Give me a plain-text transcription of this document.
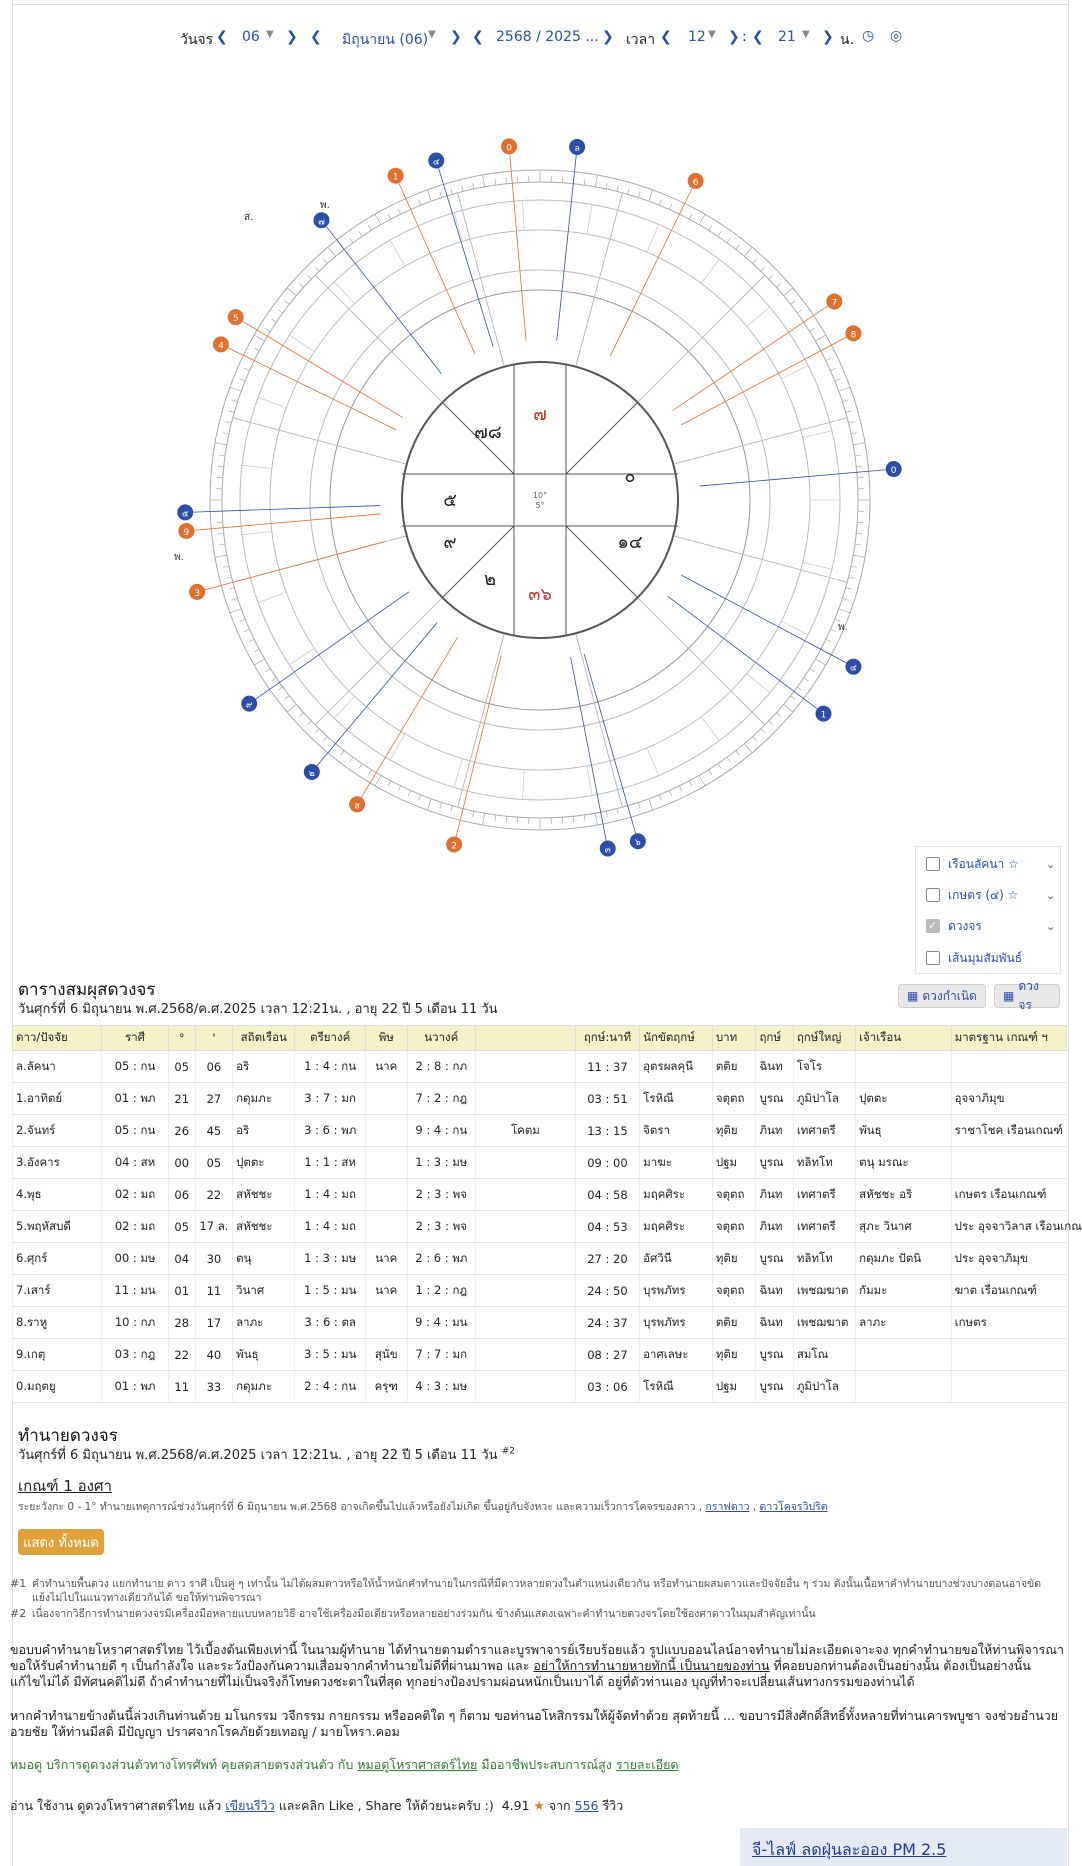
วันจร ❮ 06 ▼ ❯ ❮ มิถุนายน (06) ▼ ❯ ❮ 2568 / 2025 ... ❯ เวลา ❮ 12 ▼ ❯ : ❮ 21 ▼ ❯ น. ◷ ◎
๗
๐
๑๔
๓๖
๒
๙
๕
๗๘
10°
5°
0
1
๔
ล
6
7
8
0
๔
1
๖
๓
2
ส
๒
๙
3
9
๕
4
5
๗
ส.
พ.
พ.
พ.
เรือนลัคนา ☆ ⌄
เกษตร (๔) ☆	⌄
✓
ดวงจร	⌄
เส้นมุมสัมพันธ์
ตารางสมผุสดวงจร
วันศุกร์ที่ 6 มิถุนายน พ.ศ.2568/ค.ศ.2025 เวลา 12:21น. , อายุ 22 ปี 5 เดือน 11 วัน
▦ ดวงกำเนิด ▦
ดวงจร
ดาว/ปัจจัย	ราศี	°	'	สถิตเรือน	ตรียางค์	พิษ	นวางค์		ฤกษ์:นาที	นักขัตฤกษ์	บาท	ฤกษ์	ฤกษ์ใหญ่	เจ้าเรือน	มาตรฐาน เกณฑ์ ฯ
ล.ลัคนา	05 : กน	05	06	อริ	1 : 4 : กน	นาค	2 : 8 : กภ		11 : 37	อุตรผลคุนี	ตติย	ฉินท	โจโร		
1.อาทิตย์	01 : พภ	21	27	กดุมภะ	3 : 7 : มก		7 : 2 : กฎ		03 : 51	โรหิณี	จตุตถ	บูรณ	ภูมิปาโล	ปุตตะ	อุจจาภิมุข
2.จันทร์	05 : กน	26	45	อริ	3 : 6 : พภ		9 : 4 : กน	โคตม	13 : 15	จิตรา	ทุติย	ภินท	เทศาตรี	พันธุ	ราชาโชค เรือนเกณฑ์
3.อังคาร	04 : สห	00	05	ปุตตะ	1 : 1 : สห		1 : 3 : มษ		09 : 00	มาฆะ	ปฐม	บูรณ	ทลิทโท	ตนุ มรณะ	
4.พุธ	02 : มถ	06	22	สหัชชะ	1 : 4 : มถ		2 : 3 : พจ		04 : 58	มฤคศิระ	จตุตถ	ภินท	เทศาตรี	สหัชชะ อริ	เกษตร เรือนเกณฑ์
5.พฤหัสบดี	02 : มถ	05	17 ล.	สหัชชะ	1 : 4 : มถ		2 : 3 : พจ		04 : 53	มฤคศิระ	จตุตถ	ภินท	เทศาตรี	สุภะ วินาศ	ประ อุจจาวิลาส เรือนเกณ
6.ศุกร์	00 : มษ	04	30	ตนุ	1 : 3 : มษ	นาค	2 : 6 : พภ		27 : 20	อัศวินี	ทุติย	บูรณ	ทลิทโท	กดุมภะ ปัตนิ	ประ อุจจาภิมุข
7.เสาร์	11 : มน	01	11	วินาศ	1 : 5 : มน	นาค	1 : 2 : กฎ		24 : 50	บุรพภัทร	จตุตถ	ฉินท	เพชฌฆาต	กัมมะ	ฆาต เรือนเกณฑ์
8.ราหู	10 : กภ	28	17	ลาภะ	3 : 6 : ตล		9 : 4 : มน		24 : 37	บุรพภัทร	ตติย	ฉินท	เพชฌฆาต	ลาภะ	เกษตร
9.เกตุ	03 : กฎ	22	40	พันธุ	3 : 5 : มน	สุนัข	7 : 7 : มก		08 : 27	อาศเลษะ	ทุติย	บูรณ	สมโณ		
0.มฤตยู	01 : พภ	11	33	กดุมภะ	2 : 4 : กน	ครุฑ	4 : 3 : มษ		03 : 06	โรหิณี	ปฐม	บูรณ	ภูมิปาโล		
ทำนายดวงจร
วันศุกร์ที่ 6 มิถุนายน พ.ศ.2568/ค.ศ.2025 เวลา 12:21น. , อายุ 22 ปี 5 เดือน 11 วัน $^{\#2}$
เกณฑ์ 1 องศา
ระยะวังกะ 0 - 1° ทำนายเหตุการณ์ช่วงวันศุกร์ที่ 6 มิถุนายน พ.ศ.2568 อาจเกิดขึ้นไปแล้วหรือยังไม่เกิด ขึ้นอยู่กับจังหวะ และความเร็วการโคจรของดาว , กราฟดาว , ดาวโคจรวิปริต
แสดง ทั้งหมด
#1 คำทำนายพื้นดวง แยกทำนาย ดาว ราศี เป็นคู่ ๆ เท่านั้น ไม่ได้ผสมดาวหรือให้น้ำหนักคำทำนายในกรณีที่มีดาวหลายดวงในตำแหน่งเดียวกัน หรือทำนายผสมดาวและปัจจัยอื่น ๆ ร่วม ดังนั้นเนื้อหาคำทำนายบางช่วงบางตอนอาจขัดแย้งไม่ไปในแนวทางเดียวกันได้ ขอให้ท่านพิจารณา
#2 เนื่องจากวิธีการทำนายดวงจรมีเครื่องมือหลายแบบหลายวิธี อาจใช้เครื่องมือเดียวหรือหลายอย่างร่วมกัน ข้างต้นแสดงเฉพาะคำทำนายดวงจรโดยใช้องศาดาวในมุมสำคัญเท่านั้น
ขอบบคำทำนายโหราศาสตร์ไทย ไว้เบื้องต้นเพียงเท่านี้ ในนามผู้ทำนาย ได้ทำนายตามตำราและบูรพาจารย์เรียบร้อยแล้ว รูปแบบออนไลน์อาจทำนายไม่ละเอียดเจาะจง ทุกคำทำนายขอให้ท่านพิจารณา ขอให้รับคำทำนายดี ๆ เป็นกำลังใจ และระวังป้องกันความเสื่อมจากคำทำนายไม่ดีที่ผ่านมาพอ และ อย่าให้การทำนายหายทักนี้ เป็นนายของท่าน ที่คอยบอกท่านต้องเป็นอย่างนั้น ต้องเป็นอย่างนั้น แก้ไขไม่ได้ มีทัศนคติไม่ดี ถ้าคำทำนายที่ไม่เป็นจริงก็โทษดวงชะตาในที่สุด ทุกอย่างป้องปรามผ่อนหนักเป็นเบาได้ อยู่ที่ตัวท่านเอง บุญที่ทำจะเปลี่ยนเส้นทางกรรมของท่านได้
หากคำทำนายข้างต้นนี้ล่วงเกินท่านด้วย มโนกรรม วจีกรรม กายกรรม หรืออคติใด ๆ ก็ตาม ขอท่านอโหสิกรรมให้ผู้จัดทำด้วย สุดท้ายนี้ ... ขอบารมีสิ่งศักดิ์สิทธิ์ทั้งหลายที่ท่านเคารพบูชา จงช่วยอำนวยอวยชัย ให้ท่านมีสติ มีปัญญา ปราศจากโรคภัยด้วยเทอญ / มายโหรา.คอม
หมอดู บริการดูดวงส่วนตัวทางโทรศัพท์ คุยสดสายตรงส่วนตัว กับ หมอดูโหราศาสตร์ไทย มืออาชีพประสบการณ์สูง รายละเอียด
อ่าน ใช้งาน ดูดวงโหราศาสตร์ไทย แล้ว เขียนรีวิว และคลิก Like , Share ให้ด้วยนะครับ :) 4.91 ★ จาก 556 รีวิว
จี-ไลฟ์ ลดฝุ่นละออง PM 2.5
